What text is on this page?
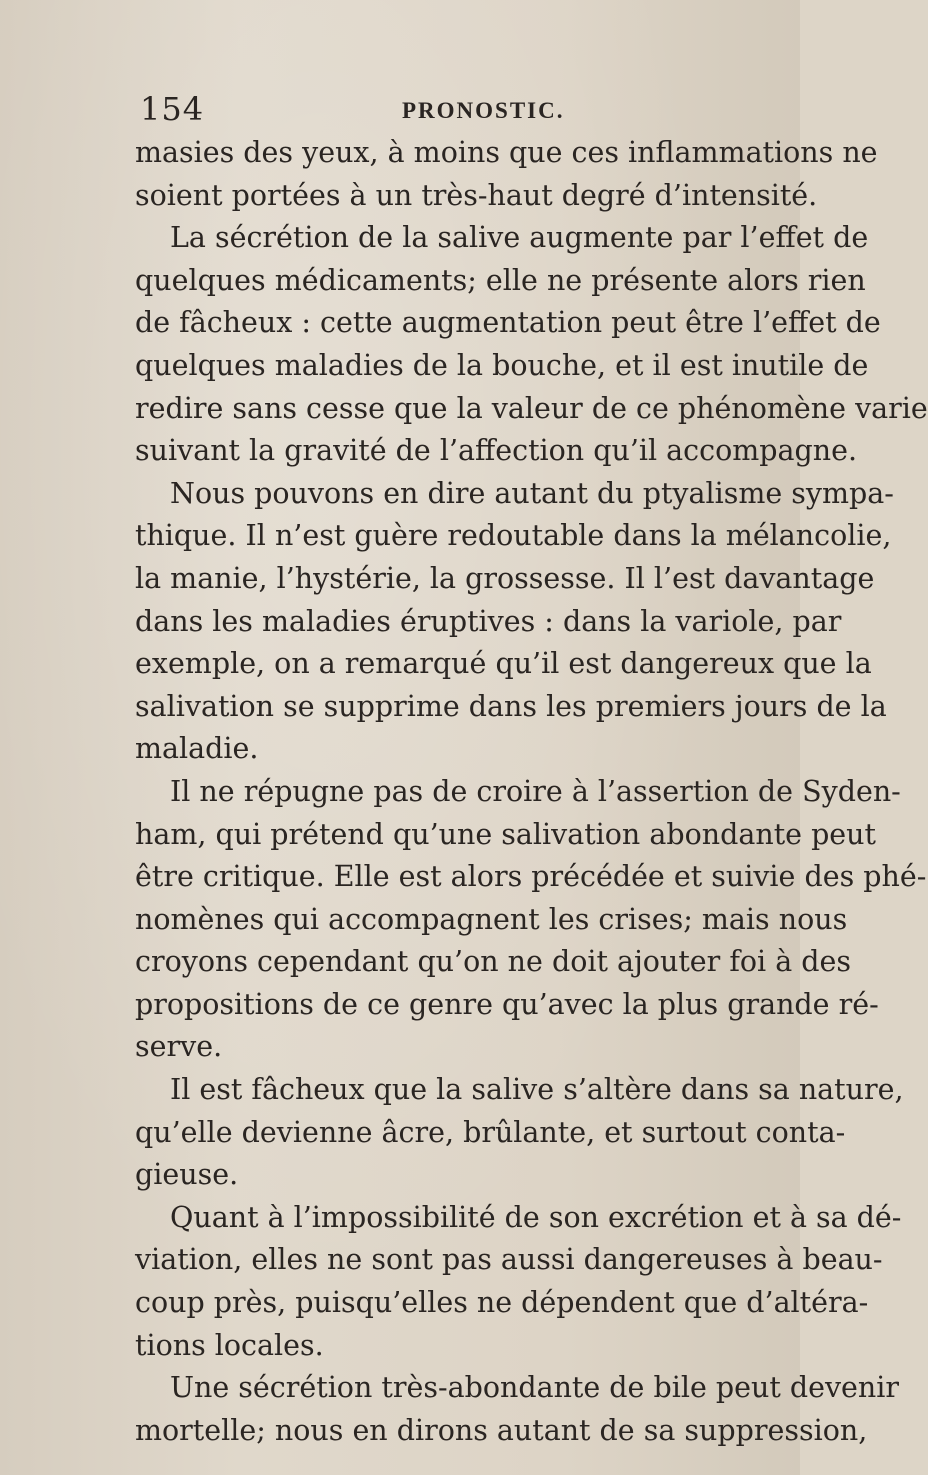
154	PRONOSTIC.
masies des yeux, à moins que ces inflammations ne
soient portées à un très-haut degré d’intensité.
La sécrétion de la salive augmente par l’effet de
quelques médicaments; elle ne présente alors rien
de fâcheux : cette augmentation peut être l’effet de
quelques maladies de la bouche, et il est inutile de
redire sans cesse que la valeur de ce phénomène varie
suivant la gravité de l’affection qu’il accompagne.
Nous pouvons en dire autant du ptyalisme sympa-
thique. Il n’est guère redoutable dans la mélancolie,
la manie, l’hystérie, la grossesse. Il l’est davantage
dans les maladies éruptives : dans la variole, par
exemple, on a remarqué qu’il est dangereux que la
salivation se supprime dans les premiers jours de la
maladie.
Il ne répugne pas de croire à l’assertion de Syden-
ham, qui prétend qu’une salivation abondante peut
être critique. Elle est alors précédée et suivie des phé-
nomènes qui accompagnent les crises; mais nous
croyons cependant qu’on ne doit ajouter foi à des
propositions de ce genre qu’avec la plus grande ré-
serve.
Il est fâcheux que la salive s’altère dans sa nature,
qu’elle devienne âcre, brûlante, et surtout conta-
gieuse.
Quant à l’impossibilité de son excrétion et à sa dé-
viation, elles ne sont pas aussi dangereuses à beau-
coup près, puisqu’elles ne dépendent que d’altéra-
tions locales.
Une sécrétion très-abondante de bile peut devenir
mortelle; nous en dirons autant de sa suppression,
